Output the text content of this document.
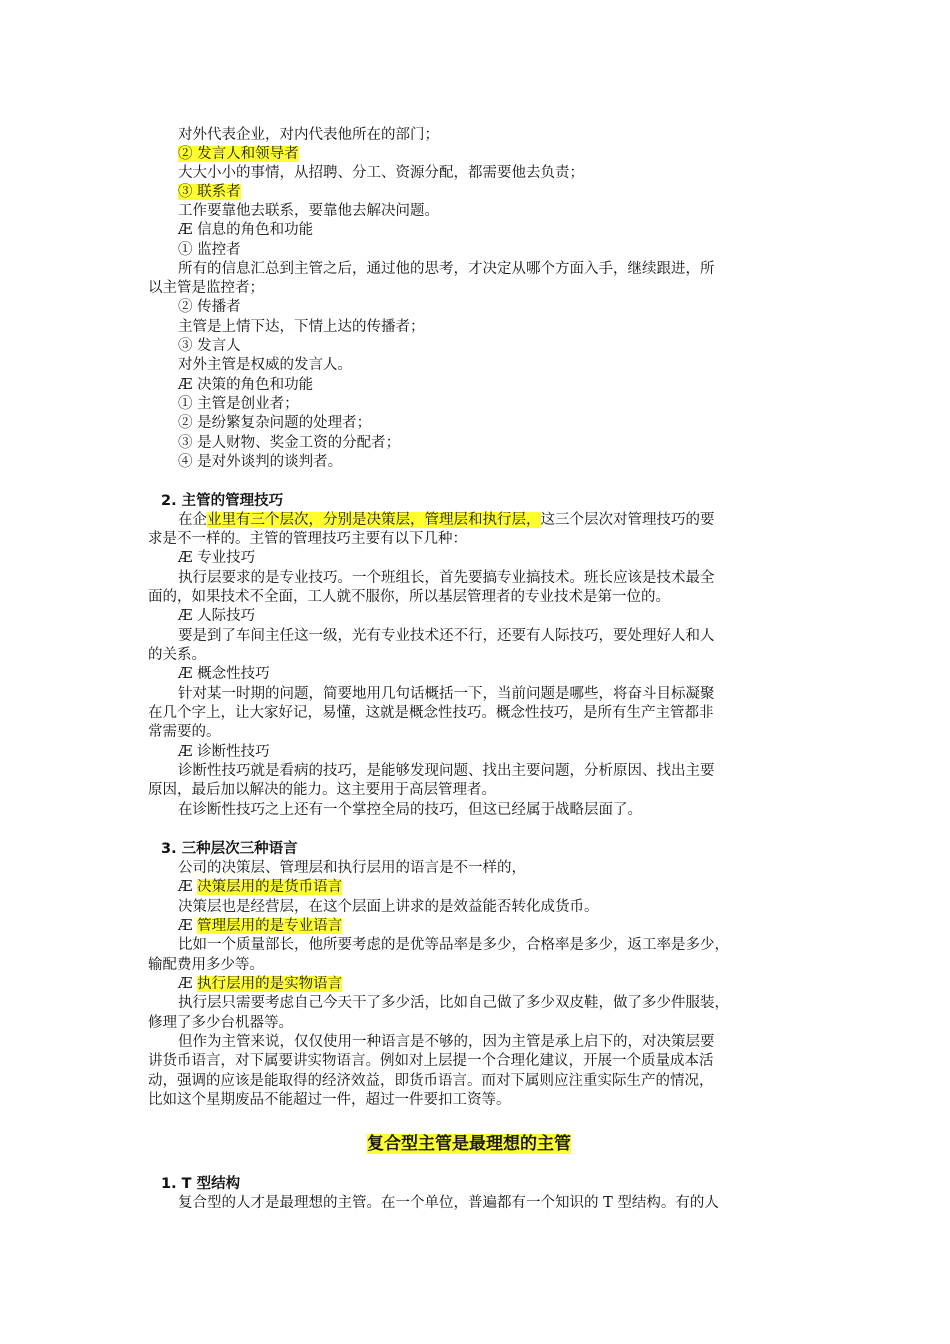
对外代表企业，对内代表他所在的部门；
② 发言人和领导者
大大小小的事情，从招聘、分工、资源分配，都需要他去负责；
③ 联系者
工作要靠他去联系，要靠他去解决问题。
Æ 信息的角色和功能
① 监控者
所有的信息汇总到主管之后，通过他的思考，才决定从哪个方面入手，继续跟进，所
以主管是监控者；
② 传播者
主管是上情下达，下情上达的传播者；
③ 发言人
对外主管是权威的发言人。
Æ 决策的角色和功能
① 主管是创业者；
② 是纷繁复杂问题的处理者；
③ 是人财物、奖金工资的分配者；
④ 是对外谈判的谈判者。
2. 主管的管理技巧
在企业里有三个层次，分别是决策层，管理层和执行层，这三个层次对管理技巧的要
求是不一样的。主管的管理技巧主要有以下几种：
Æ 专业技巧
执行层要求的是专业技巧。一个班组长，首先要搞专业搞技术。班长应该是技术最全
面的，如果技术不全面，工人就不服你，所以基层管理者的专业技术是第一位的。
Æ 人际技巧
要是到了车间主任这一级，光有专业技术还不行，还要有人际技巧，要处理好人和人
的关系。
Æ 概念性技巧
针对某一时期的问题，简要地用几句话概括一下，当前问题是哪些，将奋斗目标凝聚
在几个字上，让大家好记，易懂，这就是概念性技巧。概念性技巧，是所有生产主管都非
常需要的。
Æ 诊断性技巧
诊断性技巧就是看病的技巧，是能够发现问题、找出主要问题，分析原因、找出主要
原因，最后加以解决的能力。这主要用于高层管理者。
在诊断性技巧之上还有一个掌控全局的技巧，但这已经属于战略层面了。
3. 三种层次三种语言
公司的决策层、管理层和执行层用的语言是不一样的，
Æ 决策层用的是货币语言
决策层也是经营层，在这个层面上讲求的是效益能否转化成货币。
Æ 管理层用的是专业语言
比如一个质量部长，他所要考虑的是优等品率是多少，合格率是多少，返工率是多少，
输配费用多少等。
Æ 执行层用的是实物语言
执行层只需要考虑自己今天干了多少活，比如自己做了多少双皮鞋，做了多少件服装，
修理了多少台机器等。
但作为主管来说，仅仅使用一种语言是不够的，因为主管是承上启下的，对决策层要
讲货币语言，对下属要讲实物语言。例如对上层提一个合理化建议，开展一个质量成本活
动，强调的应该是能取得的经济效益，即货币语言。而对下属则应注重实际生产的情况，
比如这个星期废品不能超过一件，超过一件要扣工资等。
复合型主管是最理想的主管
1. T 型结构
复合型的人才是最理想的主管。在一个单位，普遍都有一个知识的 T 型结构。有的人
